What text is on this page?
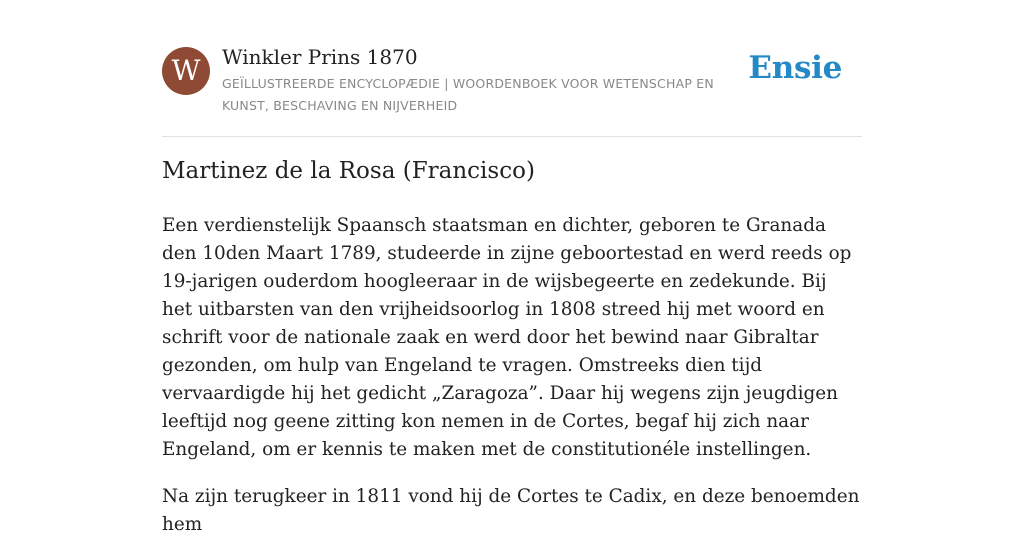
W	Winkler Prins 1870
GEÏLLUSTREERDE ENCYCLOPÆDIE | WOORDENBOEK VOOR WETENSCHAP EN KUNST, BESCHAVING EN NIJVERHEID
Ensie
Martinez de la Rosa (Francisco)

Een verdienstelijk Spaansch staatsman en dichter, geboren te Granada den 10den Maart 1789, studeerde in zijne geboortestad en werd reeds op 19-jarigen ouderdom hoogleeraar in de wijsbegeerte en zedekunde. Bij het uitbarsten van den vrijheidsoorlog in 1808 streed hij met woord en schrift voor de nationale zaak en werd door het bewind naar Gibraltar gezonden, om hulp van Engeland te vragen. Omstreeks dien tijd vervaardigde hij het gedicht „Zaragoza”. Daar hij wegens zijn jeugdigen leeftijd nog geene zitting kon nemen in de Cortes, begaf hij zich naar Engeland, om er kennis te maken met de constitutionéle instellingen.

Na zijn terugkeer in 1811 vond hij de Cortes te Cadix, en deze benoemden hem
